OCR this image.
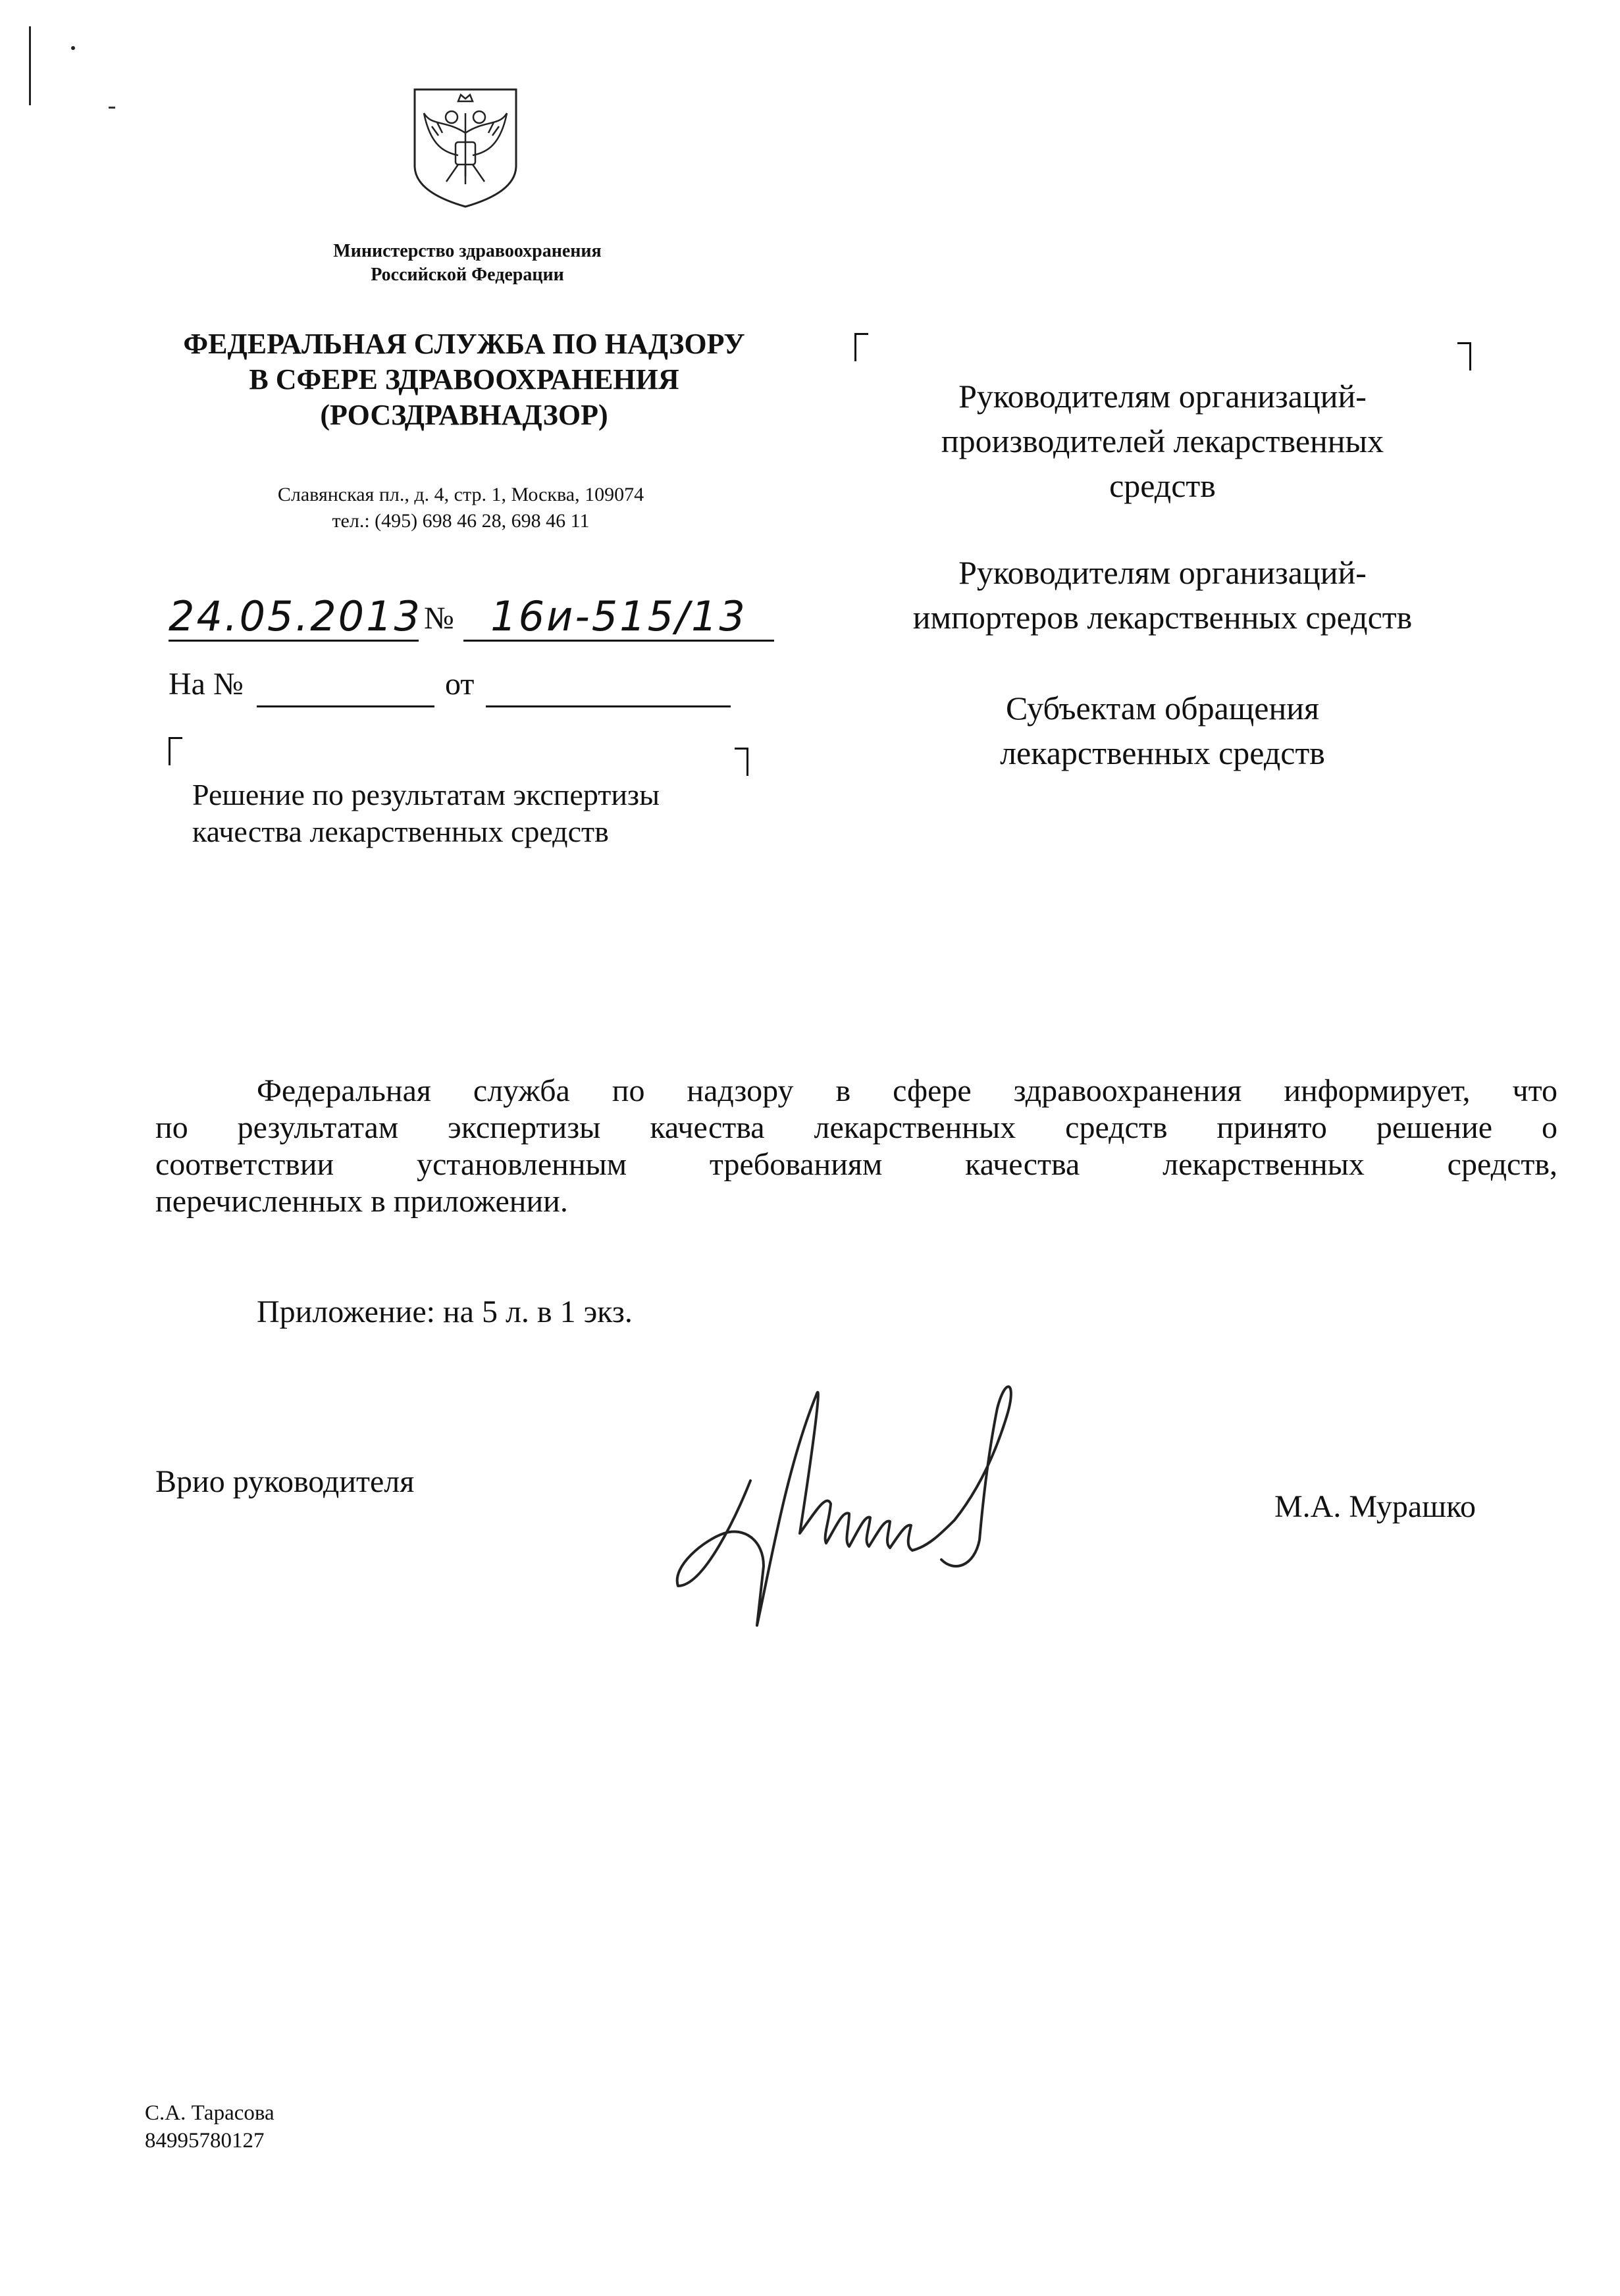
Министерство здравоохранения
Российской Федерации
ФЕДЕРАЛЬНАЯ СЛУЖБА ПО НАДЗОРУ
В СФЕРЕ ЗДРАВООХРАНЕНИЯ
(РОСЗДРАВНАДЗОР)
Славянская пл., д. 4, стр. 1, Москва, 109074
тел.: (495) 698 46 28, 698 46 11
24.05.2013 № 16и-515/13
На №	от
Решение по результатам экспертизы
качества лекарственных средств
Руководителям организаций-
производителей лекарственных
средств
Руководителям организаций-
импортеров лекарственных средств
Субъектам обращения
лекарственных средств
Федеральная служба по надзору в сфере здравоохранения информирует, что
по результатам экспертизы качества лекарственных средств принято решение о
соответствии установленным требованиям качества лекарственных средств,
перечисленных в приложении.
Приложение: на 5 л. в 1 экз.
Врио руководителя
М.А. Мурашко
С.А. Тарасова
84995780127
